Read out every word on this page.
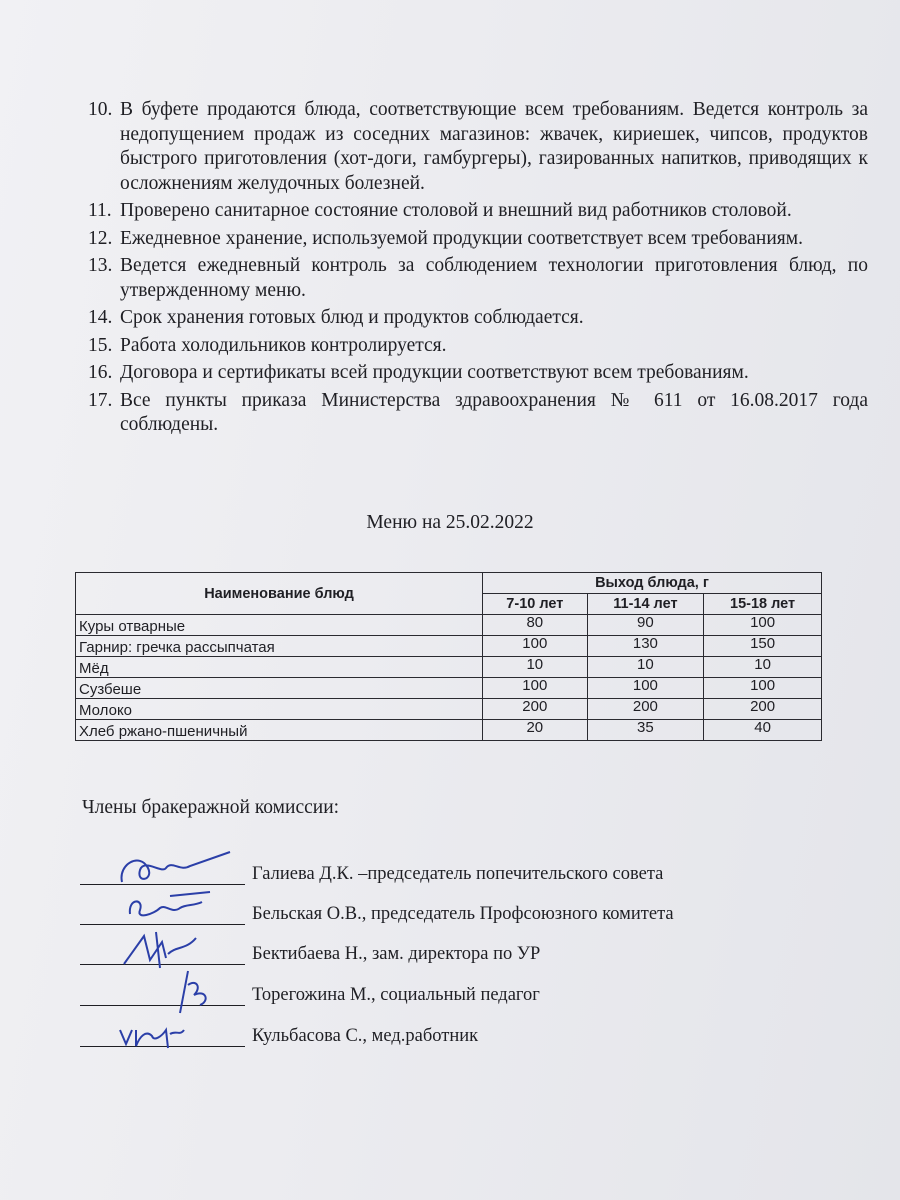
10. В буфете продаются блюда, соответствующие всем требованиям. Ведется контроль за недопущением продаж из соседних магазинов: жвачек, кириешек, чипсов, продуктов быстрого приготовления (хот-доги, гамбургеры), газированных напитков, приводящих к осложнениям желудочных болезней.
11. Проверено санитарное состояние столовой и внешний вид работников столовой.
12. Ежедневное хранение, используемой продукции соответствует всем требованиям.
13. Ведется ежедневный контроль за соблюдением технологии приготовления блюд, по утвержденному меню.
14. Срок хранения готовых блюд и продуктов соблюдается.
15. Работа холодильников контролируется.
16. Договора и сертификаты всей продукции соответствуют всем требованиям.
17. Все пункты приказа Министерства здравоохранения № 611 от 16.08.2017 года соблюдены.
Меню на 25.02.2022
Наименование блюд	Выход блюда, г		
	7-10 лет	11-14 лет	15-18 лет
Куры отварные	80	90	100
Гарнир: гречка рассыпчатая	100	130	150
Мёд	10	10	10
Сузбеше	100	100	100
Молоко	200	200	200
Хлеб ржано-пшеничный	20	35	40
Члены бракеражной комиссии:
Галиева Д.К. –председатель попечительского совета
Бельская О.В., председатель Профсоюзного комитета
Бектибаева Н., зам. директора по УР
Торегожина М., социальный педагог
Кульбасова С., мед.работник
